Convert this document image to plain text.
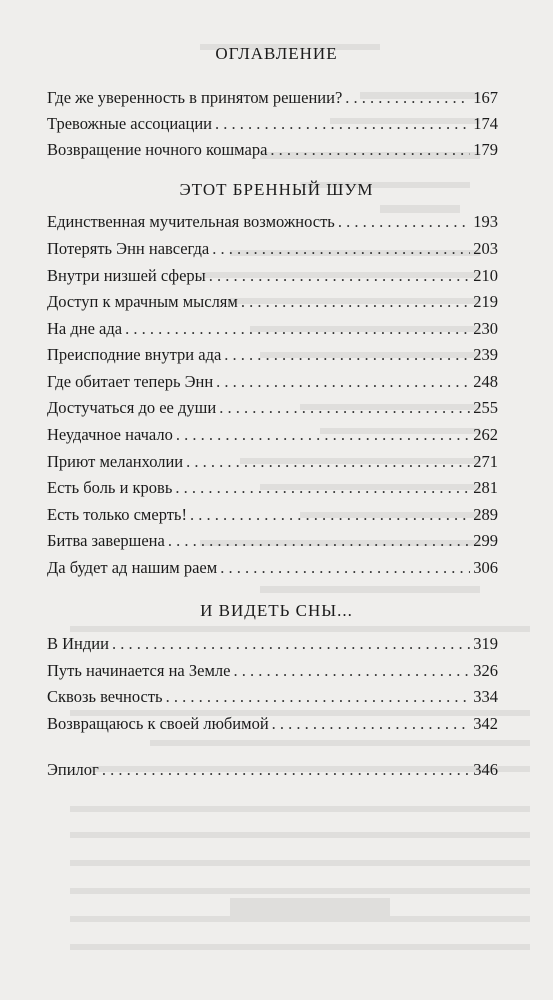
ОГЛАВЛЕНИЕ
Где же уверенность в принятом решении? . . .	167
Тревожные ассоциации . . .	174
Возвращение ночного кошмара . . .	179
ЭТОТ БРЕННЫЙ ШУМ
Единственная мучительная возможность . . .	193
Потерять Энн навсегда . . .	203
Внутри низшей сферы . . .	210
Доступ к мрачным мыслям . . .	219
На дне ада . . .	230
Преисподние внутри ада . . .	239
Где обитает теперь Энн . . .	248
Достучаться до ее души . . .	255
Неудачное начало . . .	262
Приют меланхолии . . .	271
Есть боль и кровь . . .	281
Есть только смерть! . . .	289
Битва завершена . . .	299
Да будет ад нашим раем . . .	306
И ВИДЕТЬ СНЫ...
В Индии . . .	319
Путь начинается на Земле . . .	326
Сквозь вечность . . .	334
Возвращаюсь к своей любимой . . .	342
Эпилог . . .	346
